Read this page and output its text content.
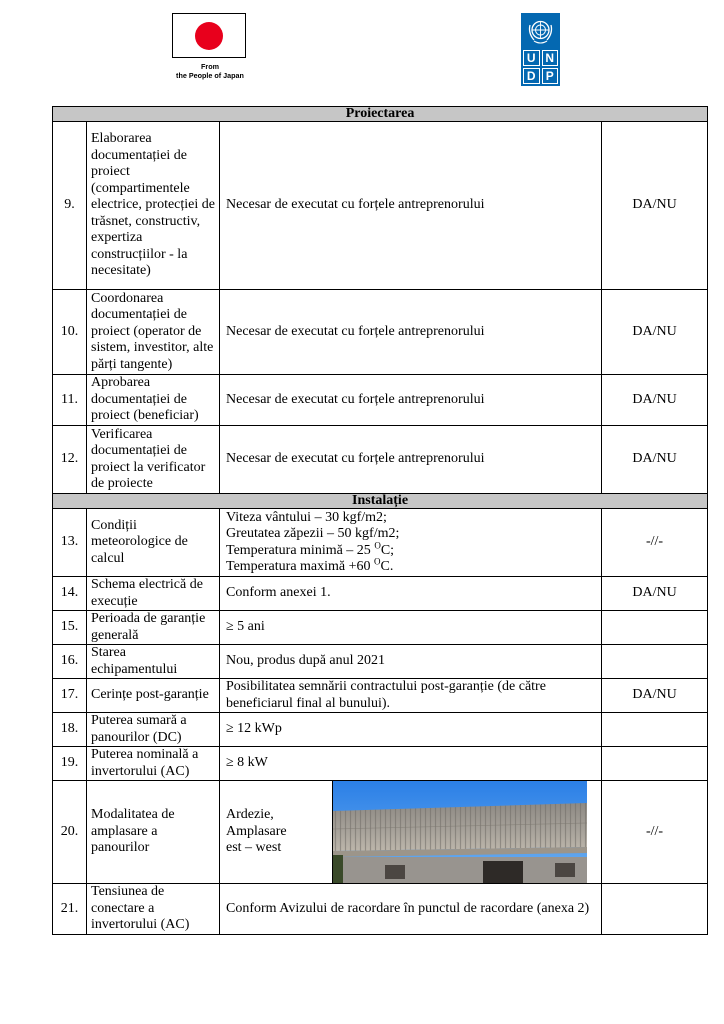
From
the People of Japan
U N
D P
Proiectarea				
9.	Elaborarea documentației de proiect (compartimentele electrice, protecției de trăsnet, constructiv, expertiza construcțiilor - la necesitate)	Necesar de executat cu forțele antreprenorului		DA/NU
10.	Coordonarea documentației de proiect (operator de sistem, investitor, alte părți tangente)	Necesar de executat cu forțele antreprenorului		DA/NU
11.	Aprobarea documentației de proiect (beneficiar)	Necesar de executat cu forțele antreprenorului		DA/NU
12.	Verificarea documentației de proiect la verificator de proiecte	Necesar de executat cu forțele antreprenorului		DA/NU
Instalație				
13.	Condiții meteorologice de calcul	Viteza vântului – 30 kgf/m2;
Greutatea zăpezii – 50 kgf/m2;
Temperatura minimă – 25 $^O$C;
Temperatura maximă +60 $^O$C.		-//-
14.	Schema electrică de execuție	Conform anexei 1.		DA/NU
15.	Perioada de garanție generală	≥ 5 ani		
16.	Starea echipamentului	Nou, produs după anul 2021		
17.	Cerințe post-garanție	Posibilitatea semnării contractului post-garanție (de către beneficiarul final al bunului).		DA/NU
18.	Puterea sumară a panourilor (DC)	≥ 12 kWp		
19.	Puterea nominală a invertorului (AC)	≥ 8 kW		
20.	Modalitatea de amplasare a panourilor	Ardezie,
Amplasare
est – west		-//-
21.	Tensiunea de conectare a invertorului (AC)	Conform Avizului de racordare în punctul de racordare (anexa 2)		
